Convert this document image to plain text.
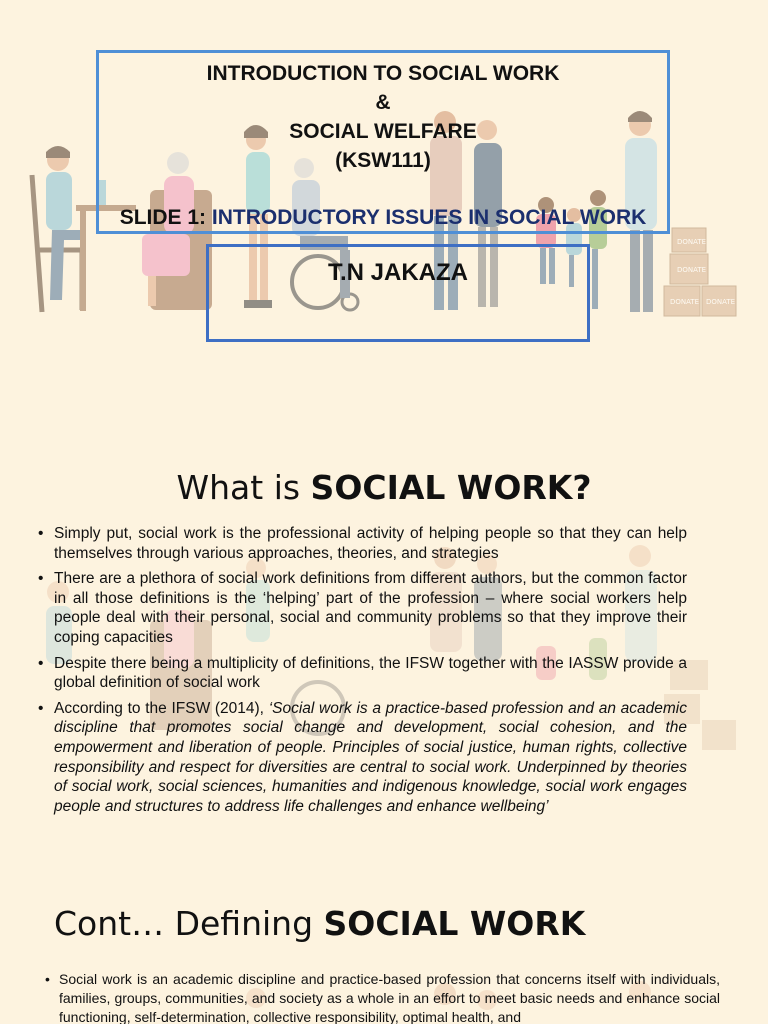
DONATE
DONATE
DONATE DONATE
INTRODUCTION TO SOCIAL WORK
&
SOCIAL WELFARE
(KSW111)
SLIDE 1: INTRODUCTORY ISSUES IN SOCIAL WORK
T.N JAKAZA
What is SOCIAL WORK?
• Simply put, social work is the professional activity of helping people so that they can help themselves through various approaches, theories, and strategies
• There are a plethora of social work definitions from different authors, but the common factor in all those definitions is the ‘helping’ part of the profession – where social workers help people deal with their personal, social and community problems so that they improve their coping capacities
• Despite there being a multiplicity of definitions, the IFSW together with the IASSW provide a global definition of social work
• According to the IFSW (2014), ‘Social work is a practice-based profession and an academic discipline that promotes social change and development, social cohesion, and the empowerment and liberation of people. Principles of social justice, human rights, collective responsibility and respect for diversities are central to social work. Underpinned by theories of social work, social sciences, humanities and indigenous knowledge, social work engages people and structures to address life challenges and enhance wellbeing’
Cont… Defining SOCIAL WORK
• Social work is an academic discipline and practice-based profession that concerns itself with individuals, families, groups, communities, and society as a whole in an effort to meet basic needs and enhance social functioning, self-determination, collective responsibility, optimal health, and
